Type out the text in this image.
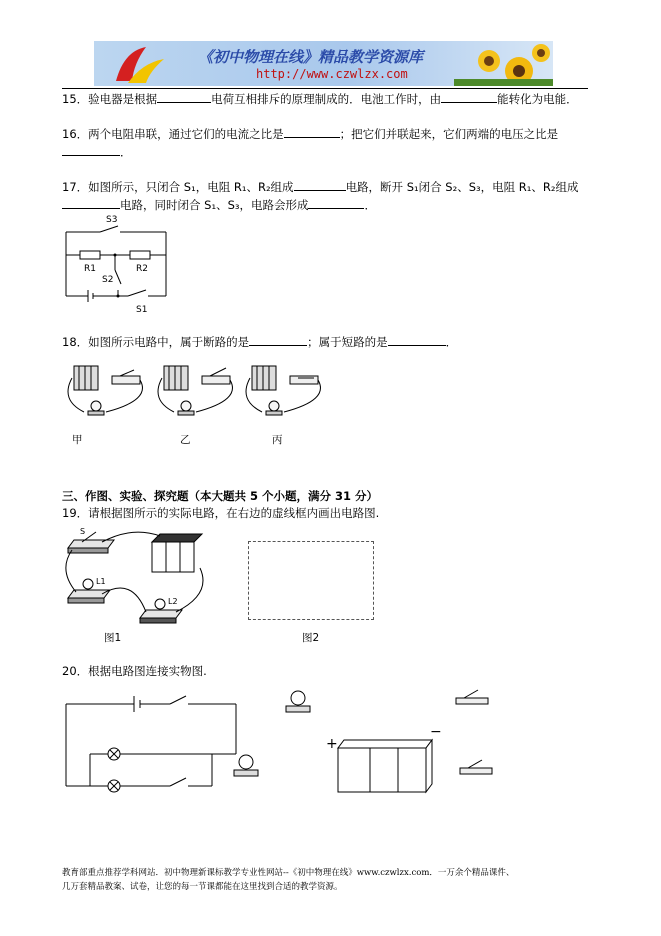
《初中物理在线》精品教学资源库
http://www.czwlzx.com
15．验电器是根据	电荷互相排斥的原理制成的．电池工作时，由	能转化为电能．
16．两个电阻串联，通过它们的电流之比是	；把它们并联起来，它们两端的电压之比是
．
17．如图所示，只闭合 S₁，电阻 R₁、R₂组成	电路，断开 S₁闭合 S₂、S₃，电阻 R₁、R₂组成
电路，同时闭合 S₁、S₃，电路会形成	．
S3
R1	R2
S2
S1
18．如图所示电路中，属于断路的是	；属于短路的是	．
甲	乙	丙
三、作图、实验、探究题（本大题共 5 个小题，满分 31 分）
19．请根据图所示的实际电路，在右边的虚线框内画出电路图.
S
L1
L2
图1	图2
20．根据电路图连接实物图.
+
−
教育部重点推荐学科网站．初中物理新课标教学专业性网站--《初中物理在线》www.czwlzx.com．一万余个精品课件、
几万套精品教案、试卷，让您的每一节课都能在这里找到合适的教学资源。
